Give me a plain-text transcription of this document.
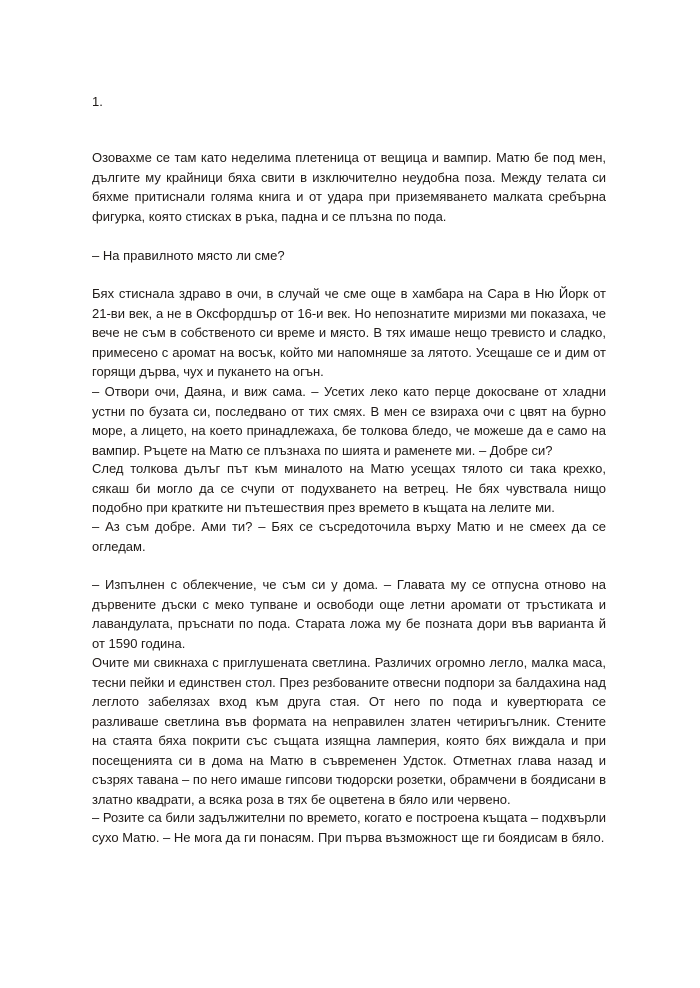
1.

Озовахме се там като неделима плетеница от вещица и вампир. Матю бе под мен, дългите му крайници бяха свити в изключително неудобна поза. Между телата си бяхме притиснали голяма книга и от удара при приземяването малката сребърна фигурка, която стисках в ръка, падна и се плъзна по пода.

– На правилното място ли сме?

Бях стиснала здраво в очи, в случай че сме още в хамбара на Сара в Ню Йорк от 21-ви век, а не в Оксфордшър от 16-и век. Но непознатите миризми ми показаха, че вече не съм в собственото си време и място. В тях имаше нещо тревисто и сладко, примесено с аромат на восък, който ми напомняше за лятото. Усещаше се и дим от горящи дърва, чух и пукането на огън.

– Отвори очи, Даяна, и виж сама. – Усетих леко като перце докосване от хладни устни по бузата си, последвано от тих смях. В мен се взираха очи с цвят на бурно море, а лицето, на което принадлежаха, бе толкова бледо, че можеше да е само на вампир. Ръцете на Матю се плъзнаха по шията и раменете ми. – Добре си?

След толкова дълъг път към миналото на Матю усещах тялото си така крехко, сякаш би могло да се счупи от подухването на ветрец. Не бях чувствала нищо подобно при кратките ни пътешествия през времето в къщата на лелите ми.

– Аз съм добре. Ами ти? – Бях се съсредоточила върху Матю и не смеех да се огледам.

– Изпълнен с облекчение, че съм си у дома. – Главата му се отпусна отново на дървените дъски с меко тупване и освободи още летни аромати от тръстиката и лавандулата, пръснати по пода. Старата ложа му бе позната дори във варианта й от 1590 година.

Очите ми свикнаха с приглушената светлина. Различих огромно легло, малка маса, тесни пейки и единствен стол. През резбованите отвесни подпори за балдахина над леглото забелязах вход към друга стая. От него по пода и кувертюрата се разливаше светлина във формата на неправилен златен четириъгълник. Стените на стаята бяха покрити със същата изящна ламперия, която бях виждала и при посещенията си в дома на Матю в съвременен Удсток. Отметнах глава назад и съзрях тавана – по него имаше гипсови тюдорски розетки, обрамчени в боядисани в златно квадрати, а всяка роза в тях бе оцветена в бяло или червено.

– Розите са били задължителни по времето, когато е построена къщата – подхвърли сухо Матю. – Не мога да ги понасям. При първа възможност ще ги боядисам в бяло.
